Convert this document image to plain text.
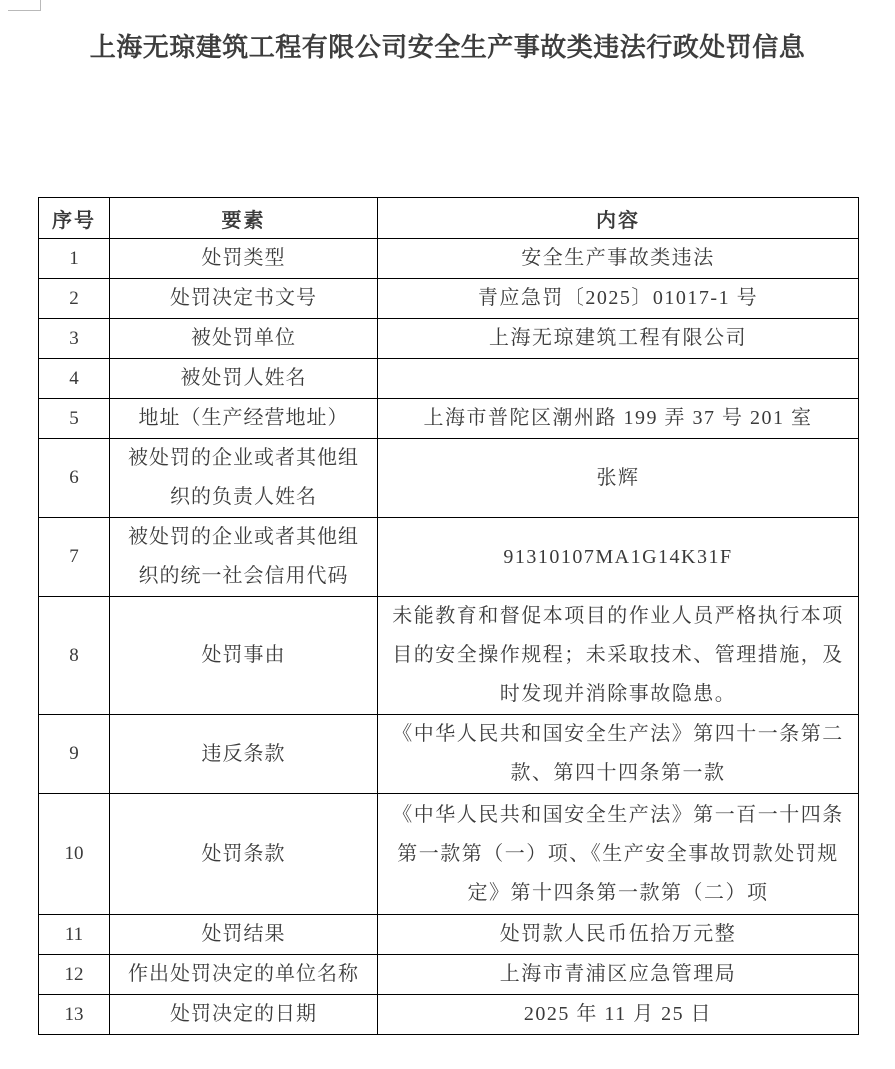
上海无琼建筑工程有限公司安全生产事故类违法行政处罚信息
序号	要素	内容
1	处罚类型	安全生产事故类违法
2	处罚决定书文号	青应急罚〔2025〕01017-1 号
3	被处罚单位	上海无琼建筑工程有限公司
4	被处罚人姓名	
5	地址（生产经营地址）	上海市普陀区潮州路 199 弄 37 号 201 室
6	被处罚的企业或者其他组织的负责人姓名	张辉
7	被处罚的企业或者其他组织的统一社会信用代码	91310107MA1G14K31F
8	处罚事由	未能教育和督促本项目的作业人员严格执行本项目的安全操作规程；未采取技术、管理措施，及时发现并消除事故隐患。
9	违反条款	《中华人民共和国安全生产法》第四十一条第二款、第四十四条第一款
10	处罚条款	《中华人民共和国安全生产法》第一百一十四条第一款第（一）项、《生产安全事故罚款处罚规定》第十四条第一款第（二）项
11	处罚结果	处罚款人民币伍拾万元整
12	作出处罚决定的单位名称	上海市青浦区应急管理局
13	处罚决定的日期	2025 年 11 月 25 日
